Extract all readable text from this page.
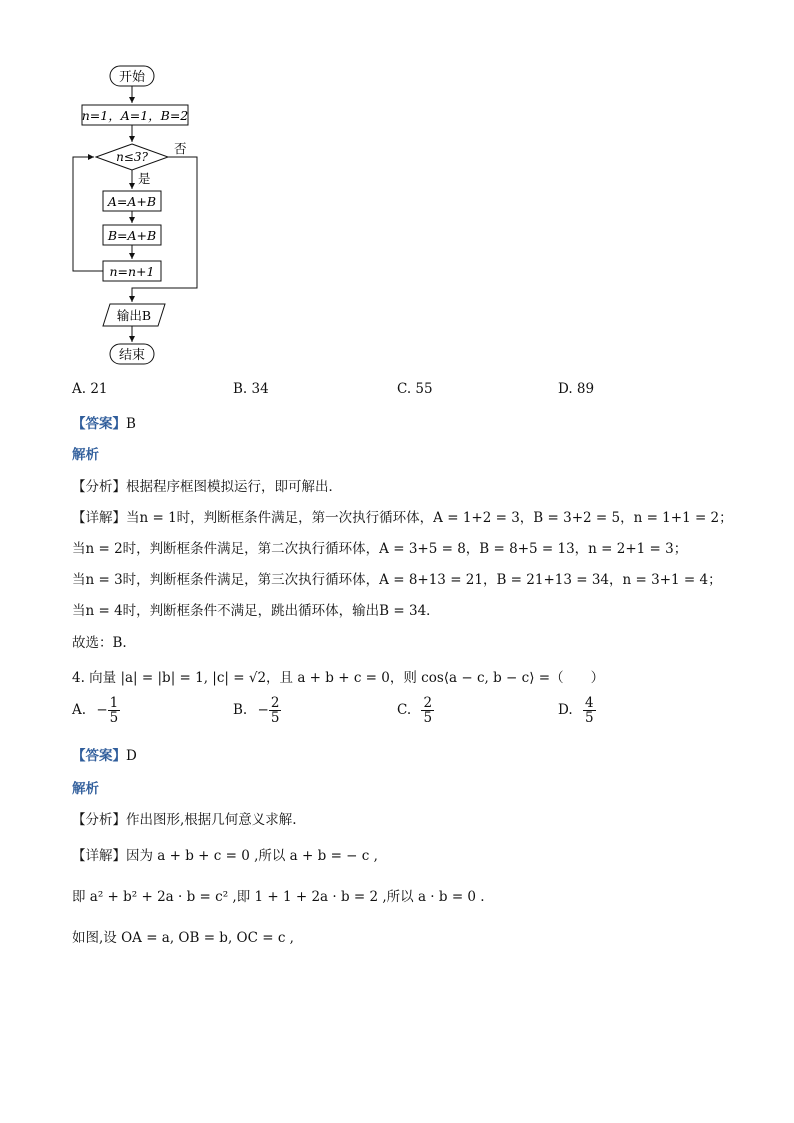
开始
n=1，A=1，B=2
n≤3?
否
是
A=A+B
B=A+B
n=n+1
输出B
结束
A. 21	B. 34	C. 55	D. 89
【答案】B
解析
【分析】根据程序框图模拟运行，即可解出．
【详解】当n = 1时，判断框条件满足，第一次执行循环体，A = 1+2 = 3，B = 3+2 = 5，n = 1+1 = 2；
当n = 2时，判断框条件满足，第二次执行循环体，A = 3+5 = 8，B = 8+5 = 13，n = 2+1 = 3；
当n = 3时，判断框条件满足，第三次执行循环体，A = 8+13 = 21，B = 21+13 = 34，n = 3+1 = 4；
当n = 4时，判断框条件不满足，跳出循环体，输出B = 34．
故选：B.
4. 向量 |a| = |b| = 1, |c| = √2，且 a + b + c = 0，则 cos⟨a − c, b − c⟩ =（　　）
A. − $\frac{1}{5}$	B. − $\frac{2}{5}$	C. $\frac{2}{5}$	D. $\frac{4}{5}$
【答案】D
解析
【分析】作出图形,根据几何意义求解.
【详解】因为 a + b + c = 0 ,所以 a + b = − c ,
即 a² + b² + 2a · b = c² ,即 1 + 1 + 2a · b = 2 ,所以 a · b = 0 .
如图,设 OA = a, OB = b, OC = c ,
